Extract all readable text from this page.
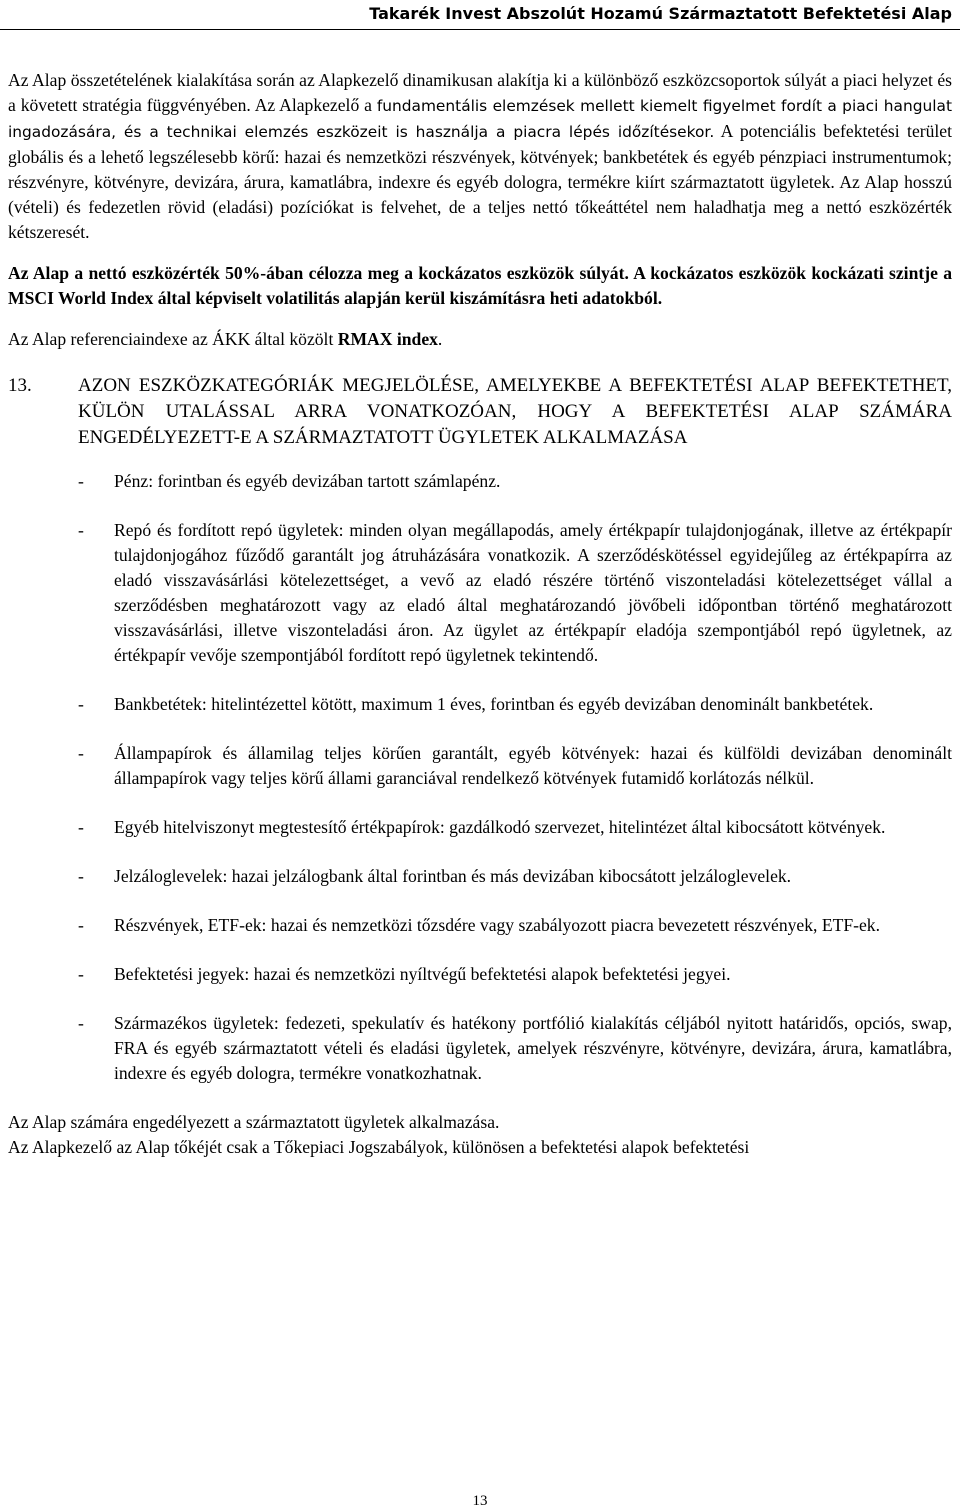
Takarék Invest Abszolút Hozamú Származtatott Befektetési Alap

Az Alap összetételének kialakítása során az Alapkezelő dinamikusan alakítja ki a különböző eszközcsoportok súlyát a piaci helyzet és a követett stratégia függvényében. Az Alapkezelő a fundamentális elemzések mellett kiemelt figyelmet fordít a piaci hangulat ingadozására, és a technikai elemzés eszközeit is használja a piacra lépés időzítésekor. A potenciális befektetési terület globális és a lehető legszélesebb körű: hazai és nemzetközi részvények, kötvények; bankbetétek és egyéb pénzpiaci instrumentumok; részvényre, kötvényre, devizára, árura, kamatlábra, indexre és egyéb dologra, termékre kiírt származtatott ügyletek. Az Alap hosszú (vételi) és fedezetlen rövid (eladási) pozíciókat is felvehet, de a teljes nettó tőkeáttétel nem haladhatja meg a nettó eszközérték kétszeresét.

Az Alap a nettó eszközérték 50%-ában célozza meg a kockázatos eszközök súlyát. A kockázatos eszközök kockázati szintje a MSCI World Index által képviselt volatilitás alapján kerül kiszámításra heti adatokból.

Az Alap referenciaindexe az ÁKK által közölt RMAX index.

13.	AZON ESZKÖZKATEGÓRIÁK MEGJELÖLÉSE, AMELYEKBE A BEFEKTETÉSI ALAP BEFEKTETHET, KÜLÖN UTALÁSSAL ARRA VONATKOZÓAN, HOGY A BEFEKTETÉSI ALAP SZÁMÁRA ENGEDÉLYEZETT-E A SZÁRMAZTATOTT ÜGYLETEK ALKALMAZÁSA
-	Pénz: forintban és egyéb devizában tartott számlapénz.
-	Repó és fordított repó ügyletek: minden olyan megállapodás, amely értékpapír tulajdonjogának, illetve az értékpapír tulajdonjogához fűződő garantált jog átruházására vonatkozik. A szerződéskötéssel egyidejűleg az értékpapírra az eladó visszavásárlási kötelezettséget, a vevő az eladó részére történő viszonteladási kötelezettséget vállal a szerződésben meghatározott vagy az eladó által meghatározandó jövőbeli időpontban történő meghatározott visszavásárlási, illetve viszonteladási áron. Az ügylet az értékpapír eladója szempontjából repó ügyletnek, az értékpapír vevője szempontjából fordított repó ügyletnek tekintendő.
-	Bankbetétek: hitelintézettel kötött, maximum 1 éves, forintban és egyéb devizában denominált bankbetétek.
-	Állampapírok és államilag teljes körűen garantált, egyéb kötvények: hazai és külföldi devizában denominált állampapírok vagy teljes körű állami garanciával rendelkező kötvények futamidő korlátozás nélkül.
-	Egyéb hitelviszonyt megtestesítő értékpapírok: gazdálkodó szervezet, hitelintézet által kibocsátott kötvények.
-	Jelzáloglevelek: hazai jelzálogbank által forintban és más devizában kibocsátott jelzáloglevelek.
-	Részvények, ETF-ek: hazai és nemzetközi tőzsdére vagy szabályozott piacra bevezetett részvények, ETF-ek.
-	Befektetési jegyek: hazai és nemzetközi nyíltvégű befektetési alapok befektetési jegyei.
-	Származékos ügyletek: fedezeti, spekulatív és hatékony portfólió kialakítás céljából nyitott határidős, opciós, swap, FRA és egyéb származtatott vételi és eladási ügyletek, amelyek részvényre, kötvényre, devizára, árura, kamatlábra, indexre és egyéb dologra, termékre vonatkozhatnak.

Az Alap számára engedélyezett a származtatott ügyletek alkalmazása.

Az Alapkezelő az Alap tőkéjét csak a Tőkepiaci Jogszabályok, különösen a befektetési alapok befektetési

13
